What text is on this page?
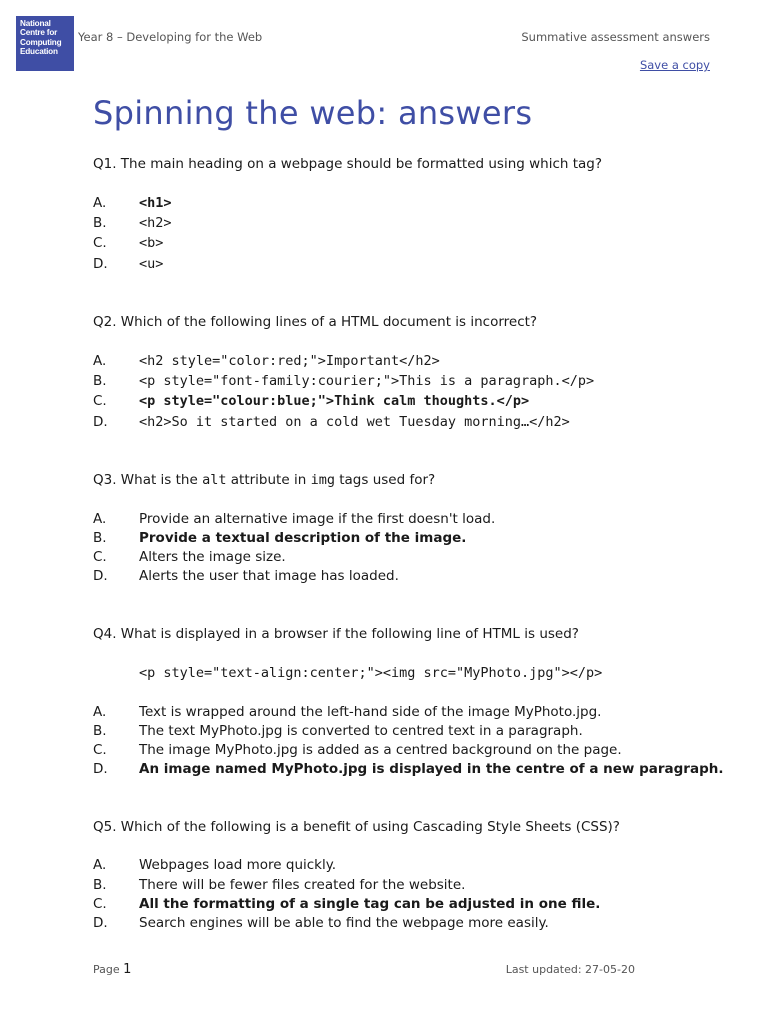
National
Centre for
Computing
Education
Year 8 – Developing for the Web	Summative assessment answers
Save a copy
Spinning the web: answers
Q1. The main heading on a webpage should be formatted using which tag?
A. <h1>
B. <h2>
C. <b>
D. <u>
Q2. Which of the following lines of a HTML document is incorrect?
A. <h2 style="color:red;">Important</h2>
B. <p style="font-family:courier;">This is a paragraph.</p>
C. <p style="colour:blue;">Think calm thoughts.</p>
D. <h2>So it started on a cold wet Tuesday morning…</h2>
Q3. What is the alt attribute in img tags used for?
A. Provide an alternative image if the first doesn't load.
B. Provide a textual description of the image.
C. Alters the image size.
D. Alerts the user that image has loaded.
Q4. What is displayed in a browser if the following line of HTML is used?
<p style="text-align:center;"><img src="MyPhoto.jpg"></p>
A. Text is wrapped around the left-hand side of the image MyPhoto.jpg.
B. The text MyPhoto.jpg is converted to centred text in a paragraph.
C. The image MyPhoto.jpg is added as a centred background on the page.
D. An image named MyPhoto.jpg is displayed in the centre of a new paragraph.
Q5. Which of the following is a benefit of using Cascading Style Sheets (CSS)?
A. Webpages load more quickly.
B. There will be fewer files created for the website.
C. All the formatting of a single tag can be adjusted in one file.
D. Search engines will be able to find the webpage more easily.
Page 1	Last updated: 27-05-20
